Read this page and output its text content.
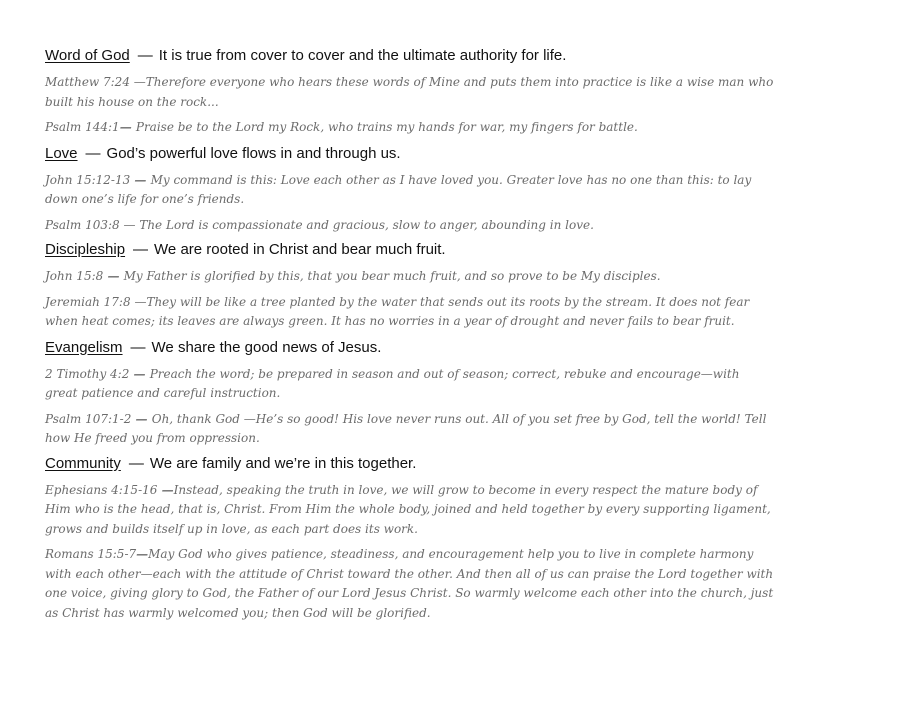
Word of God — It is true from cover to cover and the ultimate authority for life.

Matthew 7:24 —Therefore everyone who hears these words of Mine and puts them into practice is like a wise man who built his house on the rock...

Psalm 144:1— Praise be to the Lord my Rock, who trains my hands for war, my fingers for battle.

Love — God’s powerful love flows in and through us.

John 15:12-13 — My command is this: Love each other as I have loved you. Greater love has no one than this: to lay down one’s life for one’s friends.

Psalm 103:8 — The Lord is compassionate and gracious, slow to anger, abounding in love.

Discipleship — We are rooted in Christ and bear much fruit.

John 15:8 — My Father is glorified by this, that you bear much fruit, and so prove to be My disciples.

Jeremiah 17:8 —They will be like a tree planted by the water that sends out its roots by the stream. It does not fear when heat comes; its leaves are always green. It has no worries in a year of drought and never fails to bear fruit.

Evangelism — We share the good news of Jesus.

2 Timothy 4:2 — Preach the word; be prepared in season and out of season; correct, rebuke and encourage—with great patience and careful instruction.

Psalm 107:1-2 — Oh, thank God —He’s so good! His love never runs out. All of you set free by God, tell the world! Tell how He freed you from oppression.

Community — We are family and we’re in this together.

Ephesians 4:15-16 —Instead, speaking the truth in love, we will grow to become in every respect the mature body of Him who is the head, that is, Christ. From Him the whole body, joined and held together by every supporting ligament, grows and builds itself up in love, as each part does its work.

Romans 15:5-7—May God who gives patience, steadiness, and encouragement help you to live in complete harmony with each other—each with the attitude of Christ toward the other. And then all of us can praise the Lord together with one voice, giving glory to God, the Father of our Lord Jesus Christ. So warmly welcome each other into the church, just as Christ has warmly welcomed you; then God will be glorified.
